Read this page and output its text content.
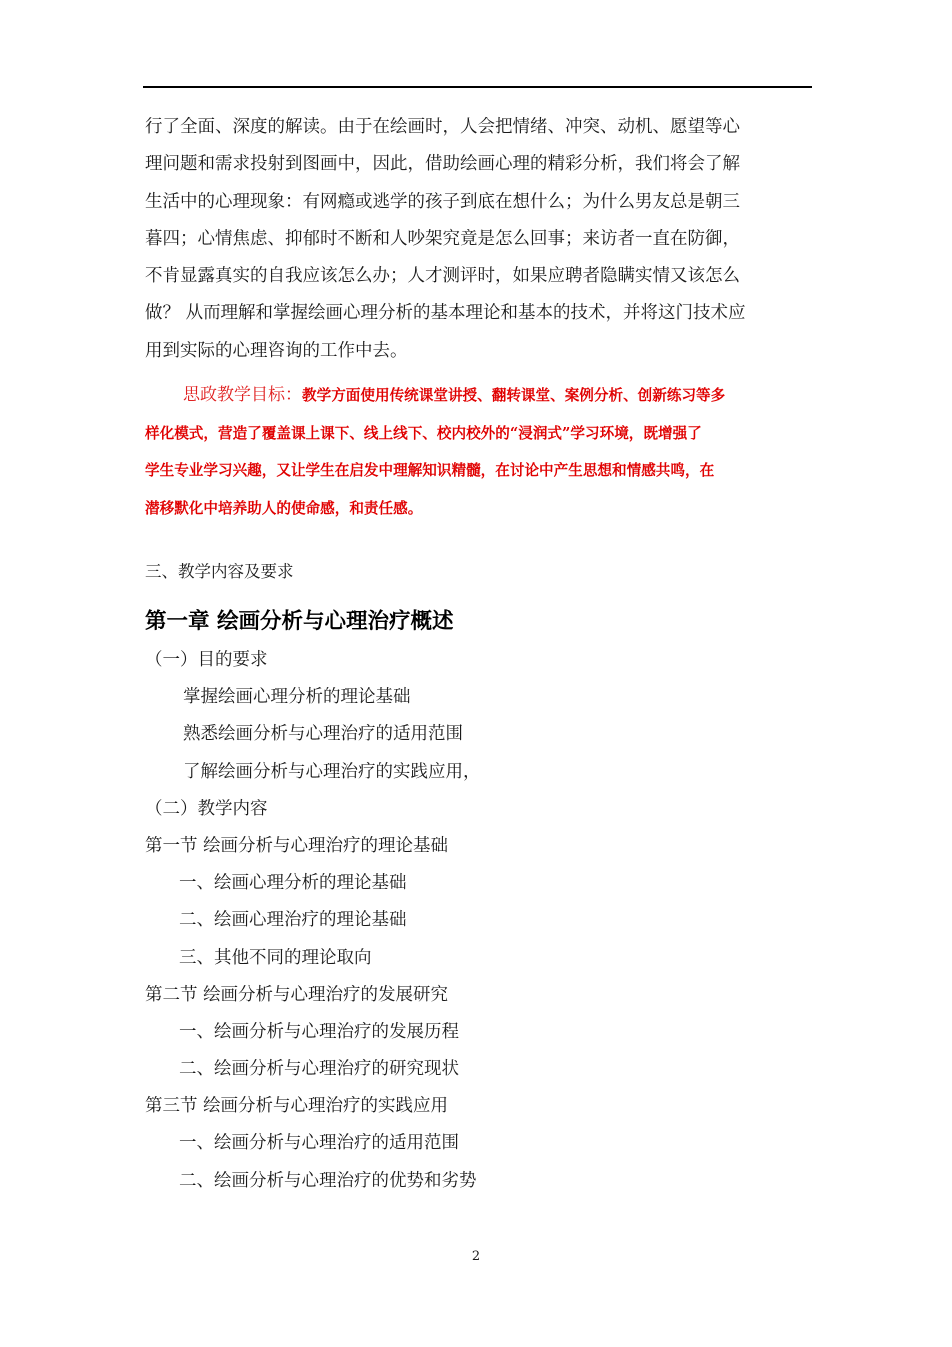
行了全面、深度的解读。由于在绘画时，人会把情绪、冲突、动机、愿望等心
理问题和需求投射到图画中，因此，借助绘画心理的精彩分析，我们将会了解
生活中的心理现象：有网瘾或逃学的孩子到底在想什么；为什么男友总是朝三
暮四；心情焦虑、抑郁时不断和人吵架究竟是怎么回事；来访者一直在防御，
不肯显露真实的自我应该怎么办；人才测评时，如果应聘者隐瞒实情又该怎么
做？ 从而理解和掌握绘画心理分析的基本理论和基本的技术，并将这门技术应
用到实际的心理咨询的工作中去。
思政教学目标：教学方面使用传统课堂讲授、翻转课堂、案例分析、创新练习等多
样化模式，营造了覆盖课上课下、线上线下、校内校外的“浸润式”学习环境，既增强了
学生专业学习兴趣，又让学生在启发中理解知识精髓，在讨论中产生思想和情感共鸣，在
潜移默化中培养助人的使命感，和责任感。
三、教学内容及要求
第一章 绘画分析与心理治疗概述
（一）目的要求
掌握绘画心理分析的理论基础
熟悉绘画分析与心理治疗的适用范围
了解绘画分析与心理治疗的实践应用，
（二）教学内容
第一节 绘画分析与心理治疗的理论基础
一、绘画心理分析的理论基础
二、绘画心理治疗的理论基础
三、其他不同的理论取向
第二节 绘画分析与心理治疗的发展研究
一、绘画分析与心理治疗的发展历程
二、绘画分析与心理治疗的研究现状
第三节 绘画分析与心理治疗的实践应用
一、绘画分析与心理治疗的适用范围
二、绘画分析与心理治疗的优势和劣势
2
